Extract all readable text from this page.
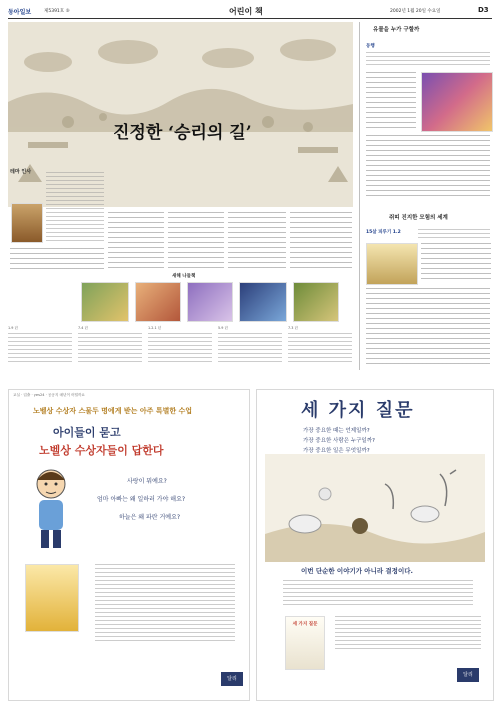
동아일보	제5391호 ⑤	어린이 책	2002년 1월 20일 수요일	D3
진정한 ‘승리의 길’
테마 인사
새해 나들책
1.9 년	7.4 년	1.2.1 년	5.9 년	7.3 년
유물을 누가 구할까
동행
쥐띠 진지한 모험의 세계
15살 피루기 1.2
교실 · 업출 · yes24 · 공공지 매년이 어떨까요
노벨상 수상자 스물두 명에게 받는 아주 특별한 수업
아이들이 묻고
노벨상 수상자들이 답한다
사랑이 뭐예요?
엄마 아빠는 왜 일하러 가야 해요?
하늘은 왜 파란 거예요?
달리
세 가지 질문
가장 중요한 때는 언제일까?
가장 중요한 사람은 누구일까?
가장 중요한 일은 무엇일까?
이번 단순한 이야기가 아니라 결정이다.
세 가지 질문
달리
